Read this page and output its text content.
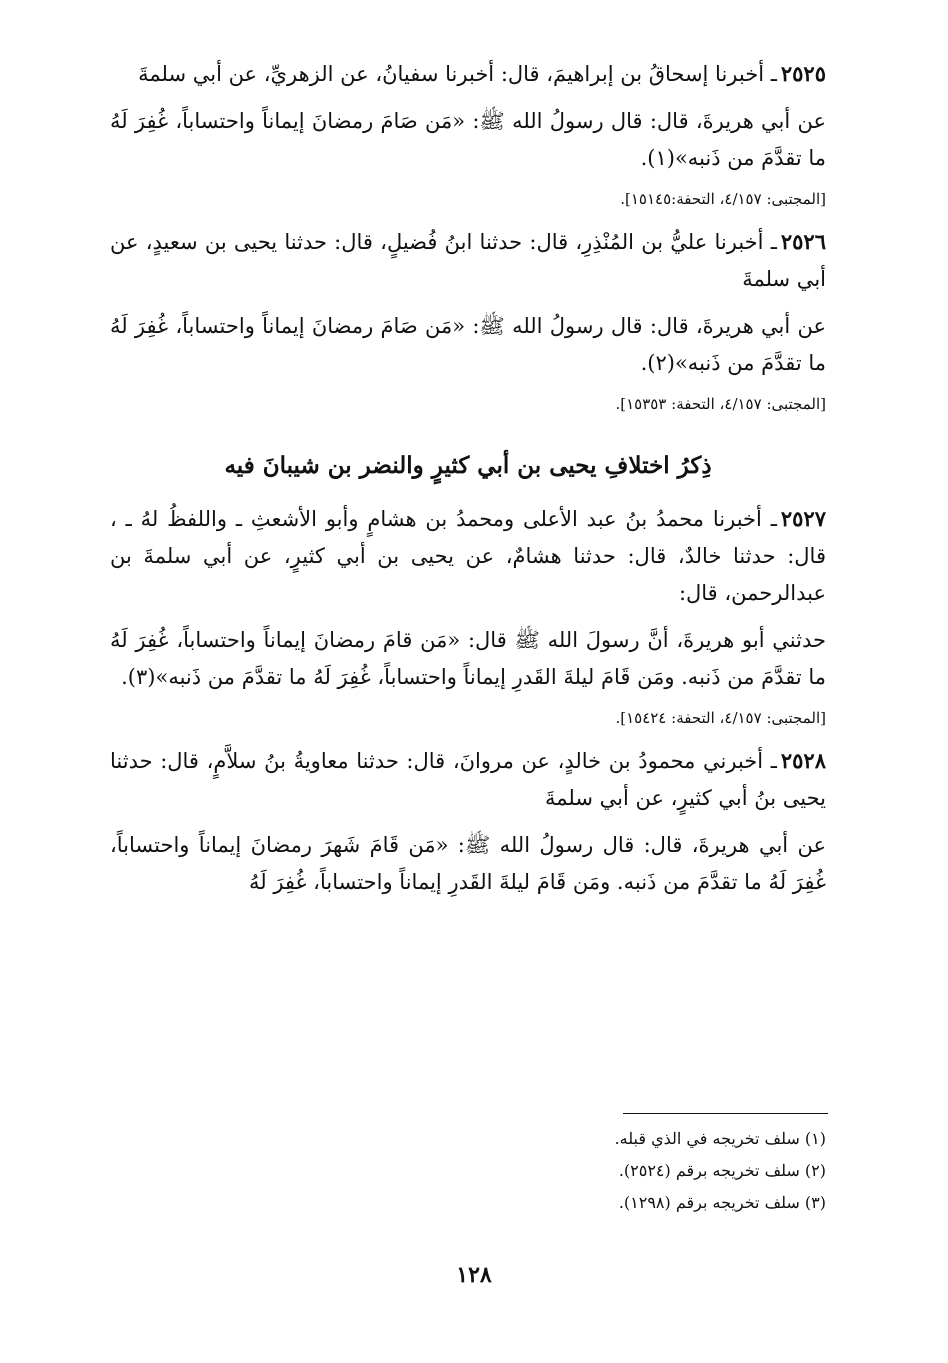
٢٥٢٥ـ أخبرنا إسحاقُ بن إبراهيمَ، قال: أخبرنا سفيانُ، عن الزهريِّ، عن أبي سلمةَ

عن أبي هريرةَ، قال: قال رسولُ الله ﷺ: «مَن صَامَ رمضانَ إيماناً واحتساباً، غُفِرَ لَهُ ما تقدَّمَ من ذَنبه»(١).

[المجتبى: ٤/١٥٧، التحفة:١٥١٤٥].

٢٥٢٦ـ أخبرنا عليُّ بن المُنْذِرِ، قال: حدثنا ابنُ فُضيلٍ، قال: حدثنا يحيى بن سعيدٍ، عن أبي سلمةَ

عن أبي هريرةَ، قال: قال رسولُ الله ﷺ: «مَن صَامَ رمضانَ إيماناً واحتساباً، غُفِرَ لَهُ ما تقدَّمَ من ذَنبه»(٢).

[المجتبى: ٤/١٥٧، التحفة: ١٥٣٥٣].

ذِكرُ اختلافِ يحيى بن أبي كثيرٍ والنضر بن شيبانَ فيه

٢٥٢٧ـ أخبرنا محمدُ بنُ عبد الأعلى ومحمدُ بن هشامٍ وأبو الأشعثِ ـ واللفظُ لهُ ـ ، قال: حدثنا خالدٌ، قال: حدثنا هشامٌ، عن يحيى بن أبي كثيرٍ، عن أبي سلمةَ بن عبدالرحمن، قال:

حدثني أبو هريرةَ، أنَّ رسولَ الله ﷺ قال: «مَن قامَ رمضانَ إيماناً واحتساباً، غُفِرَ لَهُ ما تقدَّمَ من ذَنبه. ومَن قَامَ ليلةَ القَدرِ إيماناً واحتساباً، غُفِرَ لَهُ ما تقدَّمَ من ذَنبه»(٣).

[المجتبى: ٤/١٥٧، التحفة: ١٥٤٢٤].

٢٥٢٨ـ أخبرني محمودُ بن خالدٍ، عن مروانَ، قال: حدثنا معاويةُ بنُ سلاَّمٍ، قال: حدثنا يحيى بنُ أبي كثيرٍ، عن أبي سلمةَ

عن أبي هريرةَ، قال: قال رسولُ الله ﷺ: «مَن قَامَ شَهرَ رمضانَ إيماناً واحتساباً، غُفِرَ لَهُ ما تقدَّمَ من ذَنبه. ومَن قَامَ ليلةَ القَدرِ إيماناً واحتساباً، غُفِرَ لَهُ

(١) سلف تخريجه في الذي قبله.

(٢) سلف تخريجه برقم (٢٥٢٤).

(٣) سلف تخريجه برقم (١٢٩٨).

١٢٨
